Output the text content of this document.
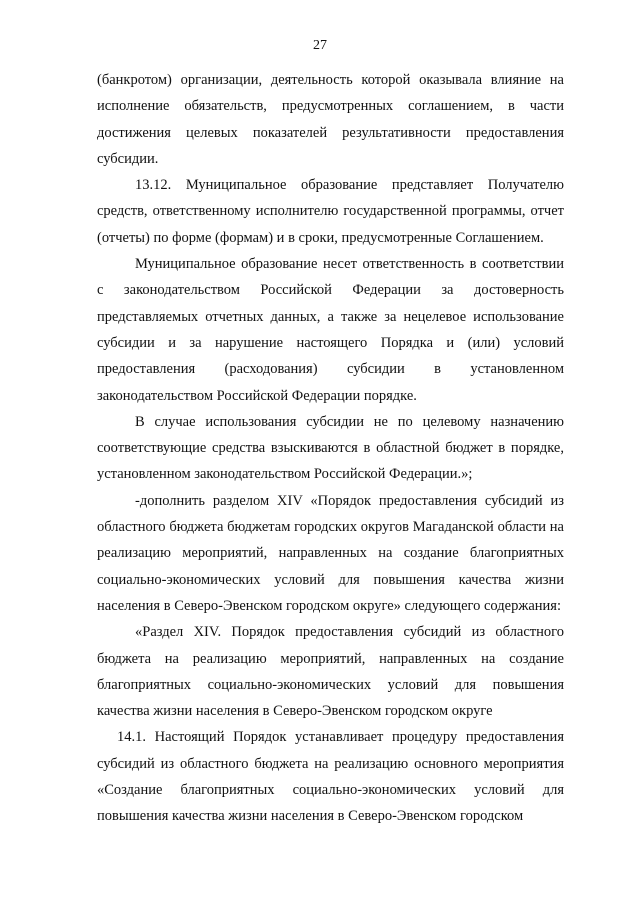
27

(банкротом) организации, деятельность которой оказывала влияние на исполнение обязательств, предусмотренных соглашением, в части достижения целевых показателей результативности предоставления субсидии.

13.12. Муниципальное образование представляет Получателю средств, ответственному исполнителю государственной программы, отчет (отчеты) по форме (формам) и в сроки, предусмотренные Соглашением.

Муниципальное образование несет ответственность в соответствии с законодательством Российской Федерации за достоверность представляемых отчетных данных, а также за нецелевое использование субсидии и за нарушение настоящего Порядка и (или) условий предоставления (расходования) субсидии в установленном законодательством Российской Федерации порядке.

В случае использования субсидии не по целевому назначению соответствующие средства взыскиваются в областной бюджет в порядке, установленном законодательством Российской Федерации.»;

-дополнить разделом XIV «Порядок предоставления субсидий из областного бюджета бюджетам городских округов Магаданской области на реализацию мероприятий, направленных на создание благоприятных социально-экономических условий для повышения качества жизни населения в Северо-Эвенском городском округе» следующего содержания:

«Раздел XIV. Порядок предоставления субсидий из областного бюджета на реализацию мероприятий, направленных на создание благоприятных социально-экономических условий для повышения качества жизни населения в Северо-Эвенском городском округе

14.1. Настоящий Порядок устанавливает процедуру предоставления субсидий из областного бюджета на реализацию основного мероприятия «Создание благоприятных социально-экономических условий для повышения качества жизни населения в Северо-Эвенском городском
